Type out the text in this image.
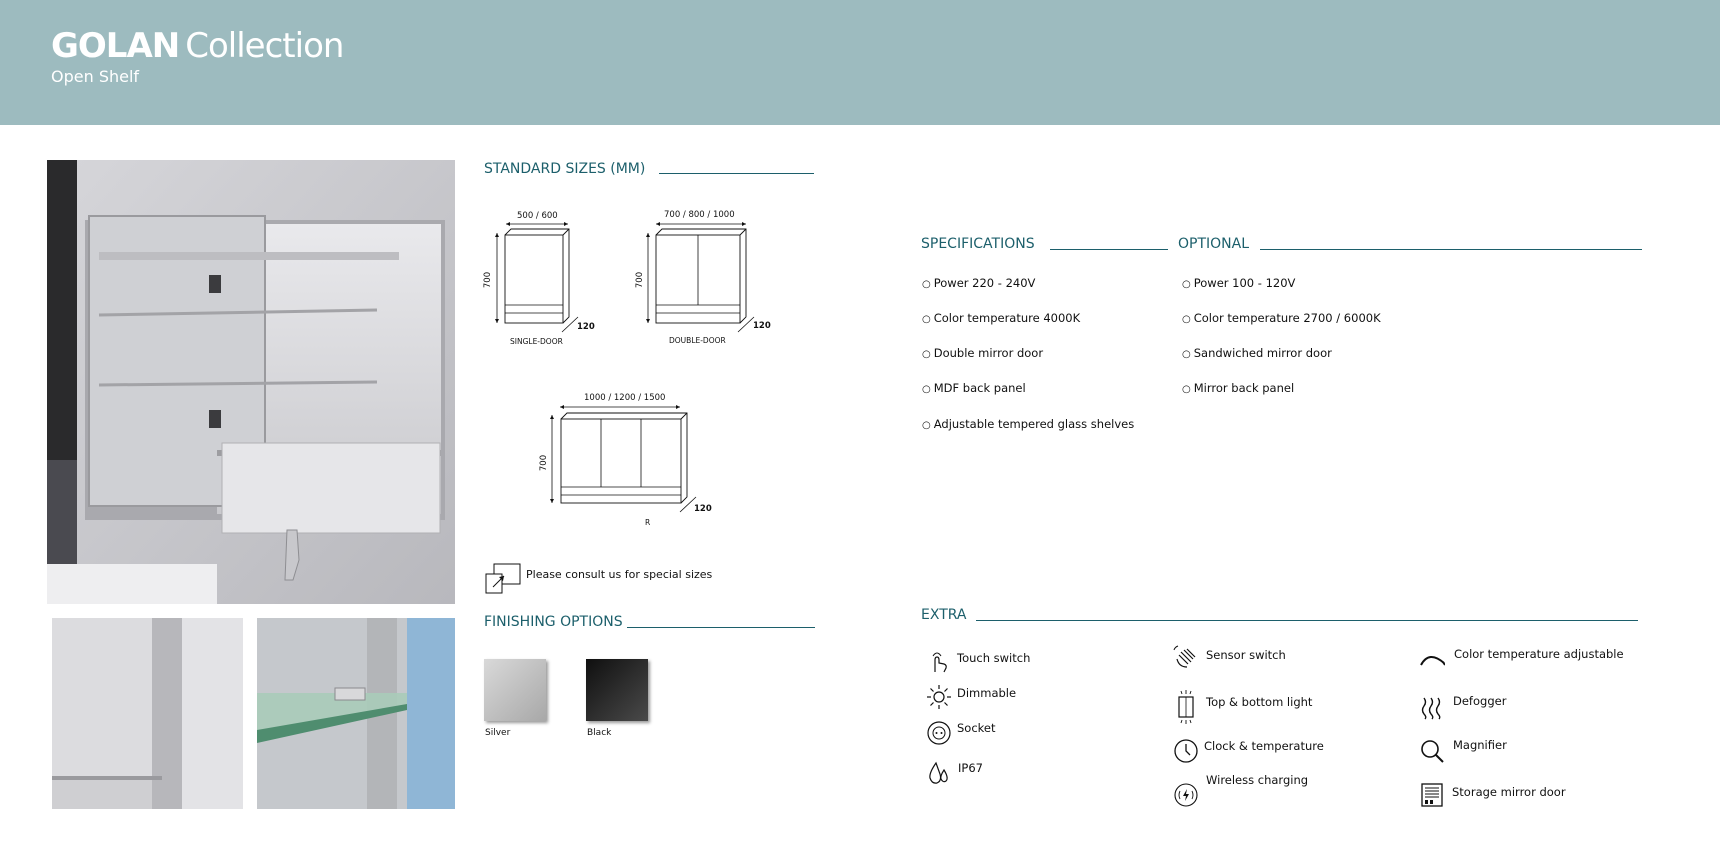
GOLAN Collection
Open Shelf
STANDARD SIZES (MM)
500 / 600
700
120
SINGLE-DOOR
700 / 800 / 1000
700
120
DOUBLE-DOOR
1000 / 1200 / 1500
700
120
R
Please consult us for special sizes
FINISHING OPTIONS
Silver	Black
SPECIFICATIONS
○ Power 220 - 240V
○ Color temperature 4000K
○ Double mirror door
○ MDF back panel
○ Adjustable tempered glass shelves
OPTIONAL
○ Power 100 - 120V
○ Color temperature 2700 / 6000K
○ Sandwiched mirror door
○ Mirror back panel
EXTRA
Touch switch
Dimmable
Socket
IP67
Sensor switch
Top & bottom light
Clock & temperature
Wireless charging
Color temperature adjustable
Defogger
Magnifier
Storage mirror door
